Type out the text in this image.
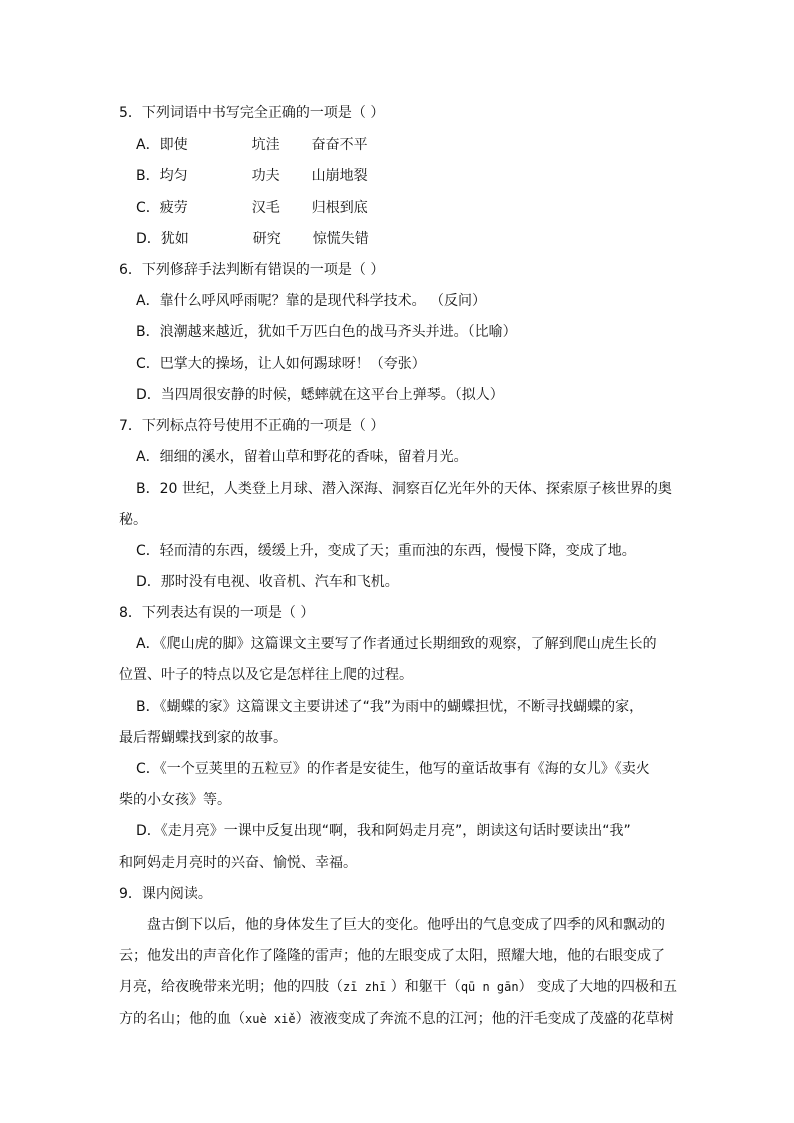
5．下列词语中书写完全正确的一项是（ ）

A．即使	坑洼 奋奋不平

B．均匀	功夫 山崩地裂

C．疲劳	汉毛 归根到底

D．犹如	研究 惊慌失错

6．下列修辞手法判断有错误的一项是（ ）

A．靠什么呼风呼雨呢？靠的是现代科学技术。 （反问）

B．浪潮越来越近，犹如千万匹白色的战马齐头并进。（比喻）

C．巴掌大的操场，让人如何踢球呀！（夸张）

D．当四周很安静的时候，蟋蟀就在这平台上弹琴。（拟人）

7．下列标点符号使用不正确的一项是（ ）

A．细细的溪水，留着山草和野花的香味，留着月光。

B．20 世纪，人类登上月球、潜入深海、洞察百亿光年外的天体、探索原子核世界的奥

秘。

C．轻而清的东西，缓缓上升，变成了天；重而浊的东西，慢慢下降，变成了地。

D．那时没有电视、收音机、汽车和飞机。

8．下列表达有误的一项是（ ）

A．《爬山虎的脚》这篇课文主要写了作者通过长期细致的观察，了解到爬山虎生长的

位置、叶子的特点以及它是怎样往上爬的过程。

B．《蝴蝶的家》这篇课文主要讲述了“我”为雨中的蝴蝶担忧，不断寻找蝴蝶的家，

最后帮蝴蝶找到家的故事。

C．《一个豆荚里的五粒豆》的作者是安徒生，他写的童话故事有《海的女儿》《卖火

柴的小女孩》等。

D．《走月亮》一课中反复出现“啊，我和阿妈走月亮”，朗读这句话时要读出“我”

和阿妈走月亮时的兴奋、愉悦、幸福。

9．课内阅读。

盘古倒下以后，他的身体发生了巨大的变化。他呼出的气息变成了四季的风和飘动的

云；他发出的声音化作了隆隆的雷声；他的左眼变成了太阳，照耀大地，他的右眼变成了

月亮，给夜晚带来光明；他的四肢（zī zhī ）和躯干（qū n gān） 变成了大地的四极和五

方的名山；他的血（xuè xiě）液液变成了奔流不息的江河；他的汗毛变成了茂盛的花草树
